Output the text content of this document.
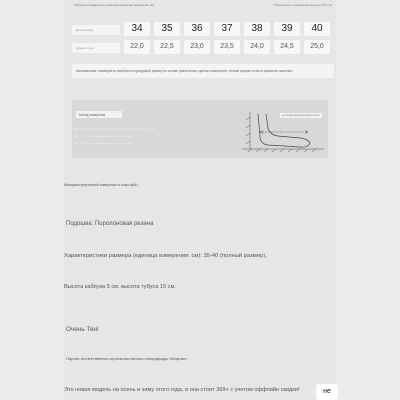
Таблица стандартных размеров (единица измерения: см)	* Погрешность измерения ручных 0,5-1 см
Длина обуви	34	35	36	37	38	39	40
Длина стопы	22,0	22,5	23,0	23,5	24,0	24,5	25,0
Напоминание: пожалуйста, выберите подходящий размер на основе фактических данных измерений, ленной формы стопы и привычек ношения.
Метод измерения
Шаг 1: Вставьте ногу на белую бумагу, зафиксируйте пятку у стены
Шаг 2: Отметьте самую длинную точку на бумаге
Шаг 3: Измерьте расстояние от пятки до отметки
※ Схема измерения длины стопы
Материал внутренней поверхности: кожа кубы
Подошва: Поролоновая резина
Характеристики размера (единица измерения: см): 35-40 (полный размер),
Высота каблука 5 см, высота тубуса 15 см.
Очень Твн!
Партия отечественных коротколостинных спецодежды «Мартин»
Это новая модель на осень и зиму этого года, и она стоит 369+ с учетом оффлайн скидки!	не
